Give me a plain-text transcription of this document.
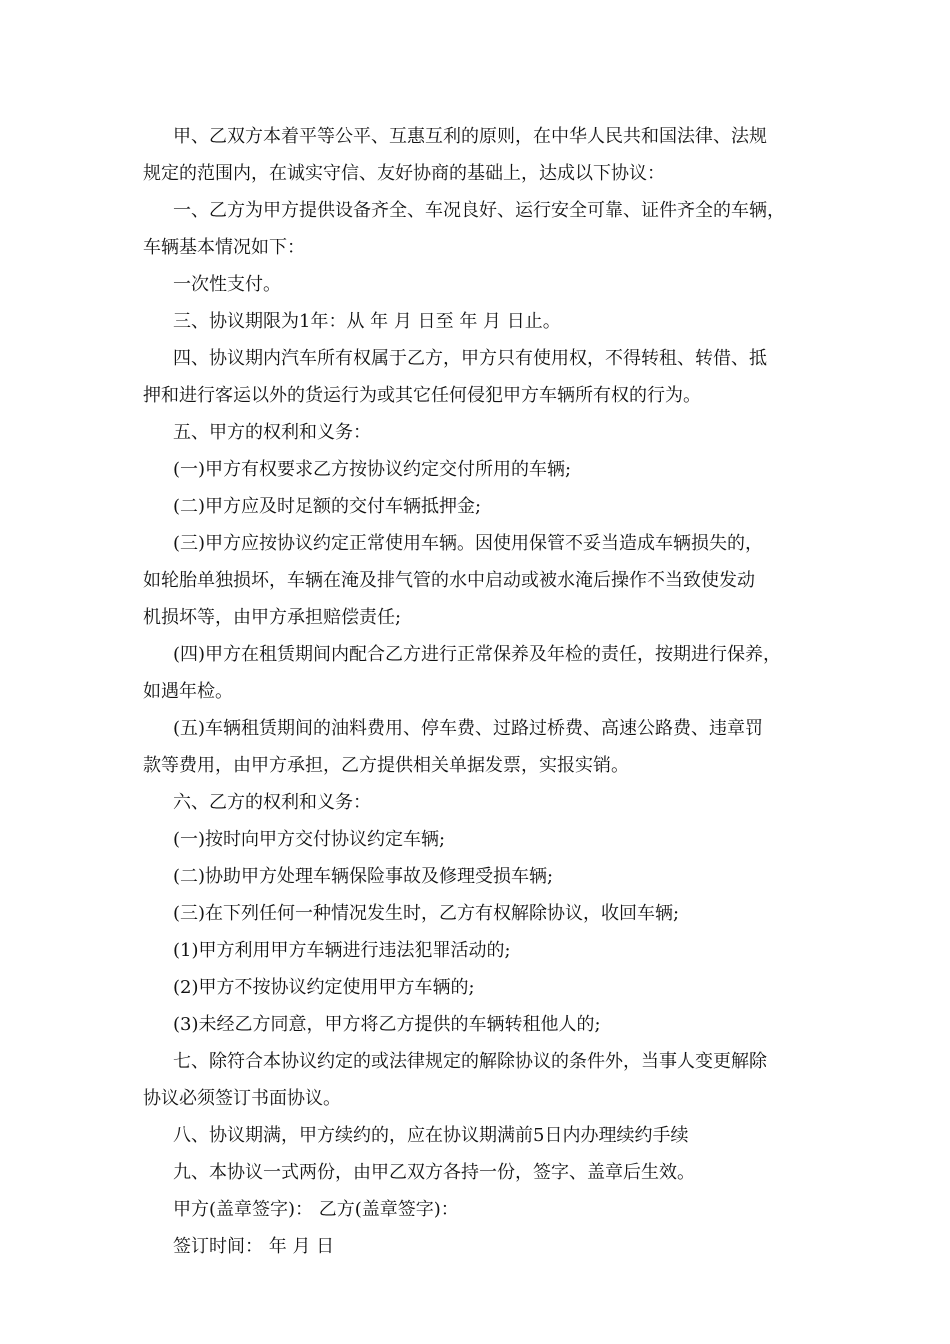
甲、乙双方本着平等公平、互惠互利的原则，在中华人民共和国法律、法规
规定的范围内，在诚实守信、友好协商的基础上，达成以下协议：
一、乙方为甲方提供设备齐全、车况良好、运行安全可靠、证件齐全的车辆，
车辆基本情况如下：
一次性支付。
三、协议期限为1年：从 年 月 日至 年 月 日止。
四、协议期内汽车所有权属于乙方，甲方只有使用权，不得转租、转借、抵
押和进行客运以外的货运行为或其它任何侵犯甲方车辆所有权的行为。
五、甲方的权利和义务：
(一)甲方有权要求乙方按协议约定交付所用的车辆;
(二)甲方应及时足额的交付车辆抵押金;
(三)甲方应按协议约定正常使用车辆。因使用保管不妥当造成车辆损失的，
如轮胎单独损坏，车辆在淹及排气管的水中启动或被水淹后操作不当致使发动
机损坏等，由甲方承担赔偿责任;
(四)甲方在租赁期间内配合乙方进行正常保养及年检的责任，按期进行保养，
如遇年检。
(五)车辆租赁期间的油料费用、停车费、过路过桥费、高速公路费、违章罚
款等费用，由甲方承担，乙方提供相关单据发票，实报实销。
六、乙方的权利和义务：
(一)按时向甲方交付协议约定车辆;
(二)协助甲方处理车辆保险事故及修理受损车辆;
(三)在下列任何一种情况发生时，乙方有权解除协议，收回车辆;
(1)甲方利用甲方车辆进行违法犯罪活动的;
(2)甲方不按协议约定使用甲方车辆的;
(3)未经乙方同意，甲方将乙方提供的车辆转租他人的;
七、除符合本协议约定的或法律规定的解除协议的条件外，当事人变更解除
协议必须签订书面协议。
八、协议期满，甲方续约的，应在协议期满前5日内办理续约手续
九、本协议一式两份，由甲乙双方各持一份，签字、盖章后生效。
甲方(盖章签字)： 乙方(盖章签字)：
签订时间： 年 月 日
